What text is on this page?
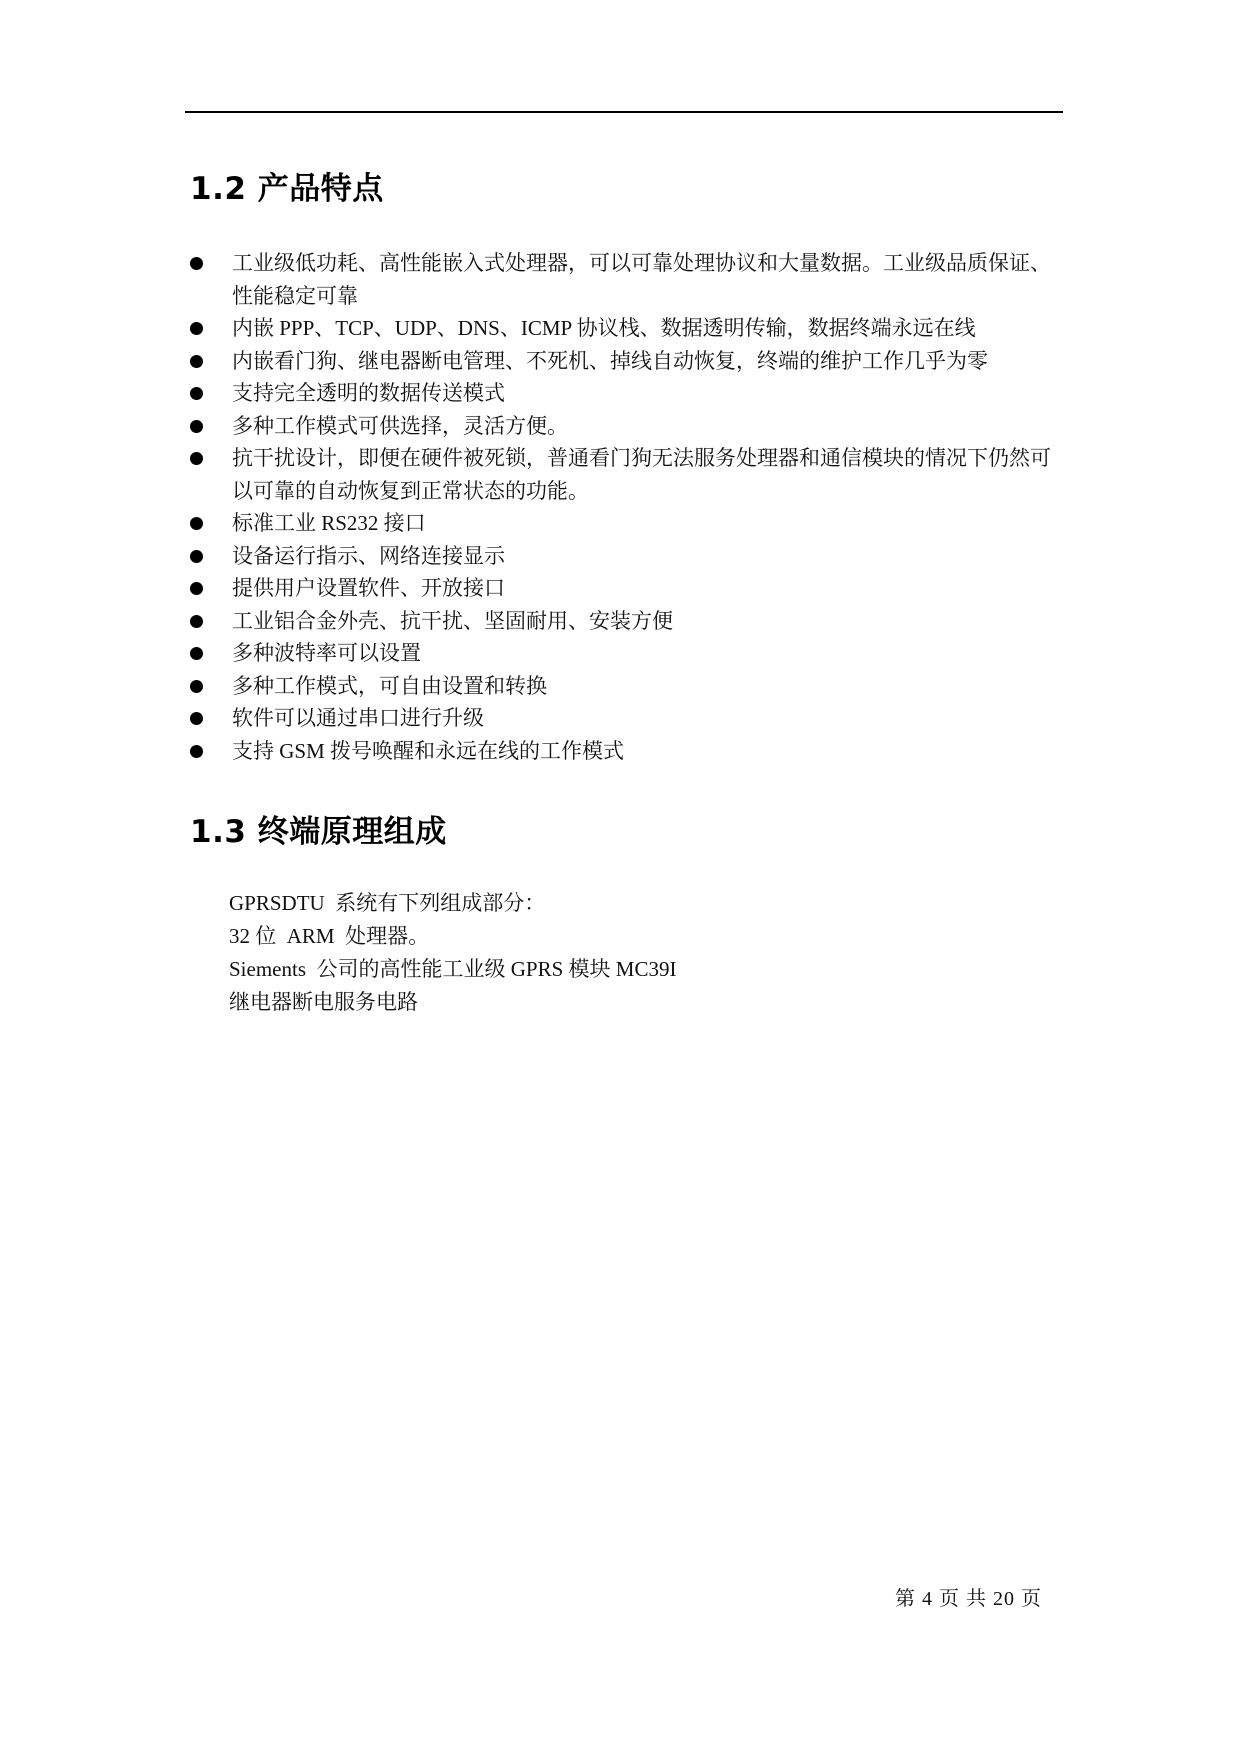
1.2 产品特点
工业级低功耗、高性能嵌入式处理器，可以可靠处理协议和大量数据。工业级品质保证、性能稳定可靠
内嵌 PPP、TCP、UDP、DNS、ICMP 协议栈、数据透明传输，数据终端永远在线
内嵌看门狗、继电器断电管理、不死机、掉线自动恢复，终端的维护工作几乎为零
支持完全透明的数据传送模式
多种工作模式可供选择，灵活方便。
抗干扰设计，即便在硬件被死锁，普通看门狗无法服务处理器和通信模块的情况下仍然可以可靠的自动恢复到正常状态的功能。
标准工业 RS232 接口
设备运行指示、网络连接显示
提供用户设置软件、开放接口
工业铝合金外壳、抗干扰、坚固耐用、安装方便
多种波特率可以设置
多种工作模式，可自由设置和转换
软件可以通过串口进行升级
支持 GSM 拨号唤醒和永远在线的工作模式
1.3 终端原理组成
GPRSDTU  系统有下列组成部分：
32 位  ARM  处理器。
Siements  公司的高性能工业级 GPRS 模块 MC39I
继电器断电服务电路
第 4 页 共 20 页
